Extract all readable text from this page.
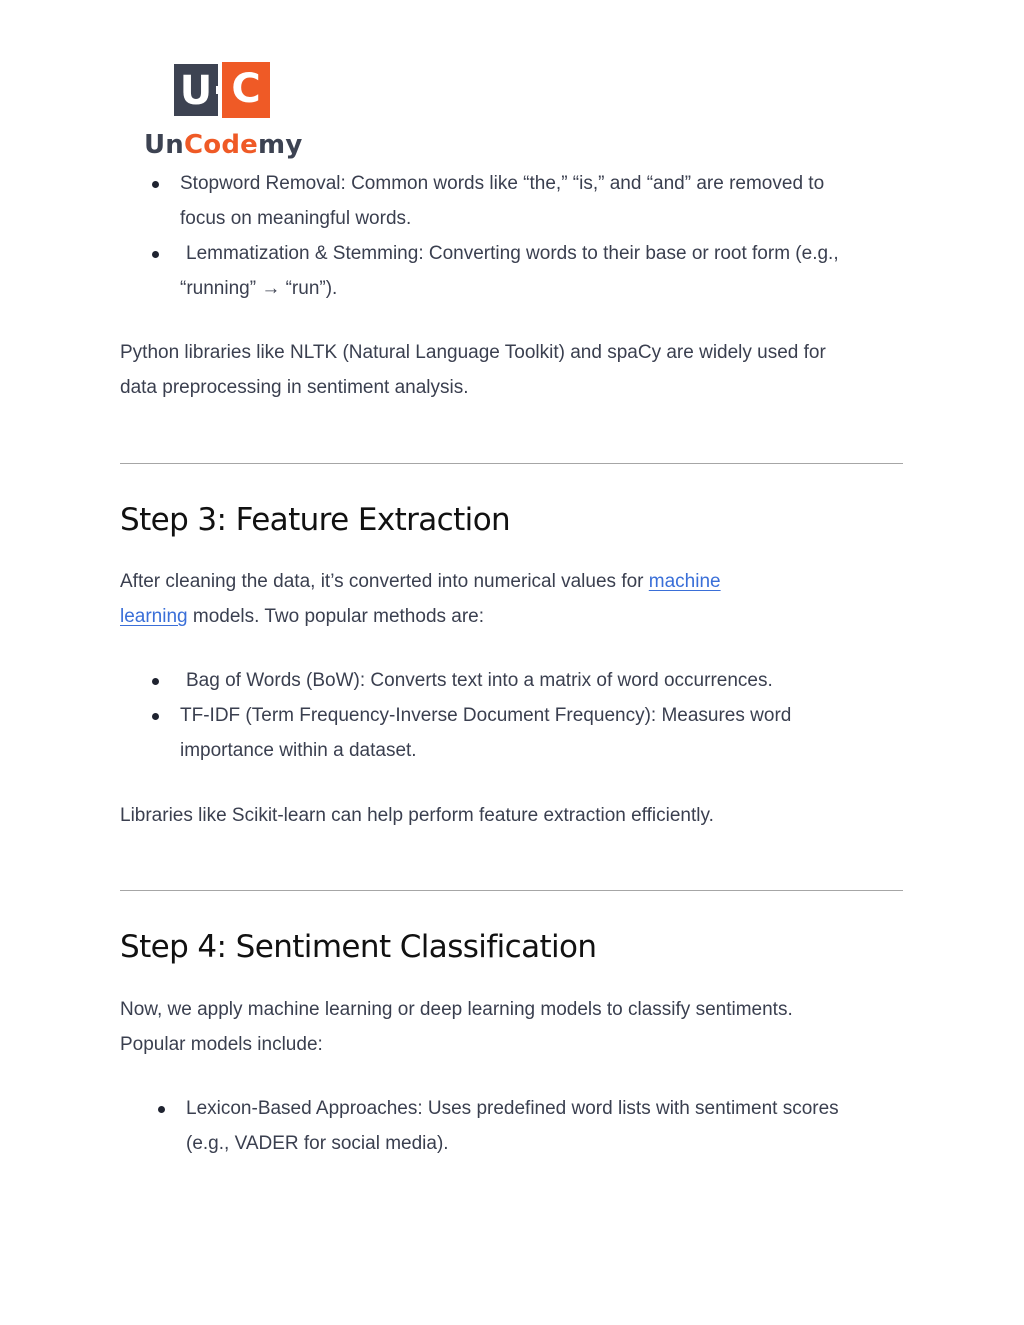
U C
UnCodemy
Stopword Removal: Common words like “the,” “is,” and “and” are removed to
focus on meaningful words.
Lemmatization & Stemming: Converting words to their base or root form (e.g.,
“running” → “run”).
Python libraries like NLTK (Natural Language Toolkit) and spaCy are widely used for
data preprocessing in sentiment analysis.
Step 3: Feature Extraction
After cleaning the data, it’s converted into numerical values for machine
learning models. Two popular methods are:
Bag of Words (BoW): Converts text into a matrix of word occurrences.
TF-IDF (Term Frequency-Inverse Document Frequency): Measures word
importance within a dataset.
Libraries like Scikit-learn can help perform feature extraction efficiently.
Step 4: Sentiment Classification
Now, we apply machine learning or deep learning models to classify sentiments.
Popular models include:
Lexicon-Based Approaches: Uses predefined word lists with sentiment scores
(e.g., VADER for social media).
